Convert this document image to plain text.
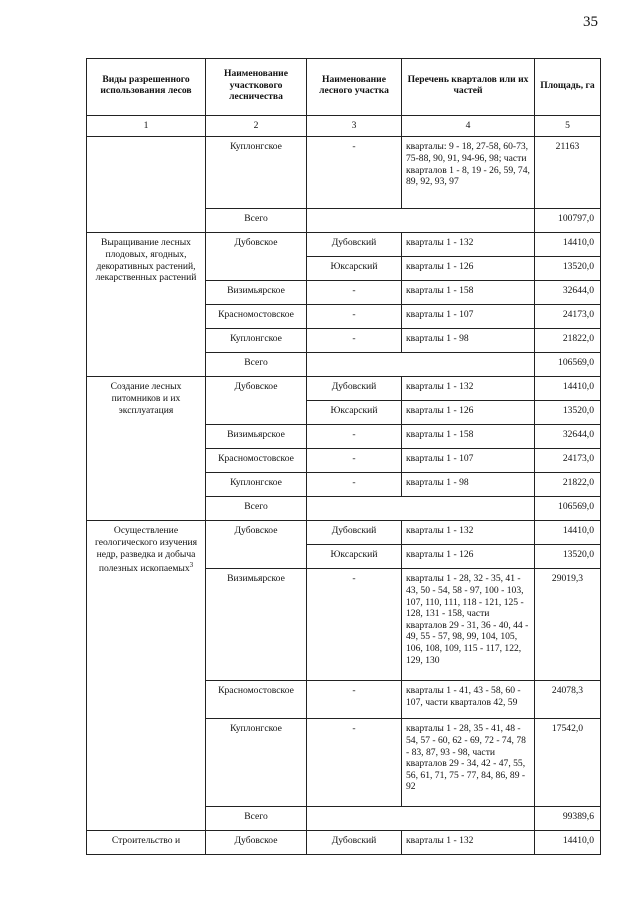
35
Виды разрешенного использования лесов	Наименование участкового лесничества	Наименование лесного участка	Перечень кварталов или их частей	Площадь, га
1	2	3	4	5
	Куплонгское	-	кварталы: 9 - 18, 27-58, 60-73, 75-88, 90, 91, 94-96, 98; части кварталов 1 - 8, 19 - 26, 59, 74, 89, 92, 93, 97	21163
	Всего			100797,0
Выращивание лесных плодовых, ягодных, декоративных растений, лекарственных растений	Дубовское	Дубовский	кварталы 1 - 132	14410,0
		Юксарский	кварталы 1 - 126	13520,0
	Визимьярское	-	кварталы 1 - 158	32644,0
	Красномостовское	-	кварталы 1 - 107	24173,0
	Куплонгское	-	кварталы 1 - 98	21822,0
	Всего			106569,0
Создание лесных питомников и их эксплуатация	Дубовское	Дубовский	кварталы 1 - 132	14410,0
		Юксарский	кварталы 1 - 126	13520,0
	Визимьярское	-	кварталы 1 - 158	32644,0
	Красномостовское	-	кварталы 1 - 107	24173,0
	Куплонгское	-	кварталы 1 - 98	21822,0
	Всего			106569,0
Осуществление геологического изучения недр, разведка и добыча полезных ископаемых$^3$	Дубовское	Дубовский	кварталы 1 - 132	14410,0
		Юксарский	кварталы 1 - 126	13520,0
	Визимьярское	-	кварталы 1 - 28, 32 - 35, 41 - 43, 50 - 54, 58 - 97, 100 - 103, 107, 110, 111, 118 - 121, 125 - 128, 131 - 158, части кварталов 29 - 31, 36 - 40, 44 - 49, 55 - 57, 98, 99, 104, 105, 106, 108, 109, 115 - 117, 122, 129, 130	29019,3
	Красномостовское	-	кварталы 1 - 41, 43 - 58, 60 - 107, части кварталов 42, 59	24078,3
	Куплонгское	-	кварталы 1 - 28, 35 - 41, 48 - 54, 57 - 60, 62 - 69, 72 - 74, 78 - 83, 87, 93 - 98, части кварталов 29 - 34, 42 - 47, 55, 56, 61, 71, 75 - 77, 84, 86, 89 - 92	17542,0
	Всего			99389,6
Строительство и	Дубовское	Дубовский	кварталы 1 - 132	14410,0
